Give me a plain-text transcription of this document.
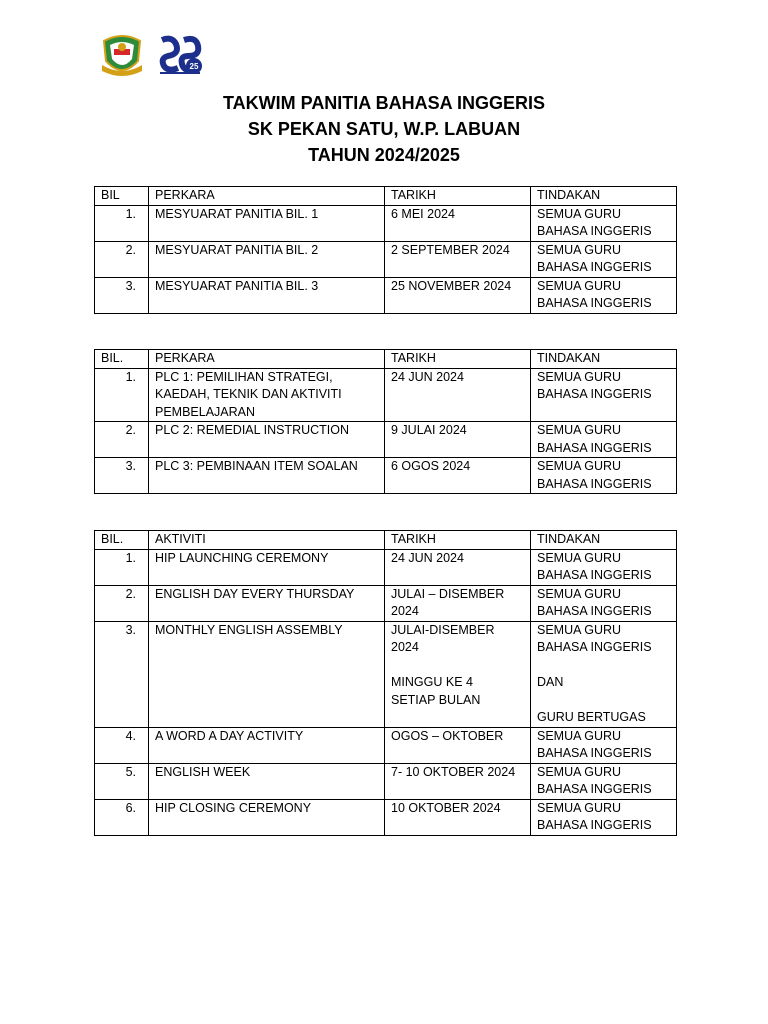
25
TAKWIM PANITIA BAHASA INGGERIS
SK PEKAN SATU, W.P. LABUAN
TAHUN 2024/2025
BIL	PERKARA	TARIKH	TINDAKAN
1.	MESYUARAT PANITIA BIL. 1	6 MEI 2024	SEMUA GURU
BAHASA INGGERIS
2.	MESYUARAT PANITIA BIL. 2	2 SEPTEMBER 2024	SEMUA GURU
BAHASA INGGERIS
3.	MESYUARAT PANITIA BIL. 3	25 NOVEMBER 2024	SEMUA GURU
BAHASA INGGERIS
BIL.	PERKARA	TARIKH	TINDAKAN
1.	PLC 1: PEMILIHAN STRATEGI,
KAEDAH, TEKNIK DAN AKTIVITI
PEMBELAJARAN	24 JUN 2024	SEMUA GURU
BAHASA INGGERIS
2.	PLC 2: REMEDIAL INSTRUCTION	9 JULAI 2024	SEMUA GURU
BAHASA INGGERIS
3.	PLC 3: PEMBINAAN ITEM SOALAN	6 OGOS 2024	SEMUA GURU
BAHASA INGGERIS
BIL.	AKTIVITI	TARIKH	TINDAKAN
1.	HIP LAUNCHING CEREMONY	24 JUN 2024	SEMUA GURU
BAHASA INGGERIS
2.	ENGLISH DAY EVERY THURSDAY	JULAI – DISEMBER
2024	SEMUA GURU
BAHASA INGGERIS
3.	MONTHLY ENGLISH ASSEMBLY	JULAI-DISEMBER
2024

MINGGU KE 4
SETIAP BULAN	SEMUA GURU
BAHASA INGGERIS

DAN

GURU BERTUGAS
4.	A WORD A DAY ACTIVITY	OGOS – OKTOBER	SEMUA GURU
BAHASA INGGERIS
5.	ENGLISH WEEK	7- 10 OKTOBER 2024	SEMUA GURU
BAHASA INGGERIS
6.	HIP CLOSING CEREMONY	10 OKTOBER 2024	SEMUA GURU
BAHASA INGGERIS
